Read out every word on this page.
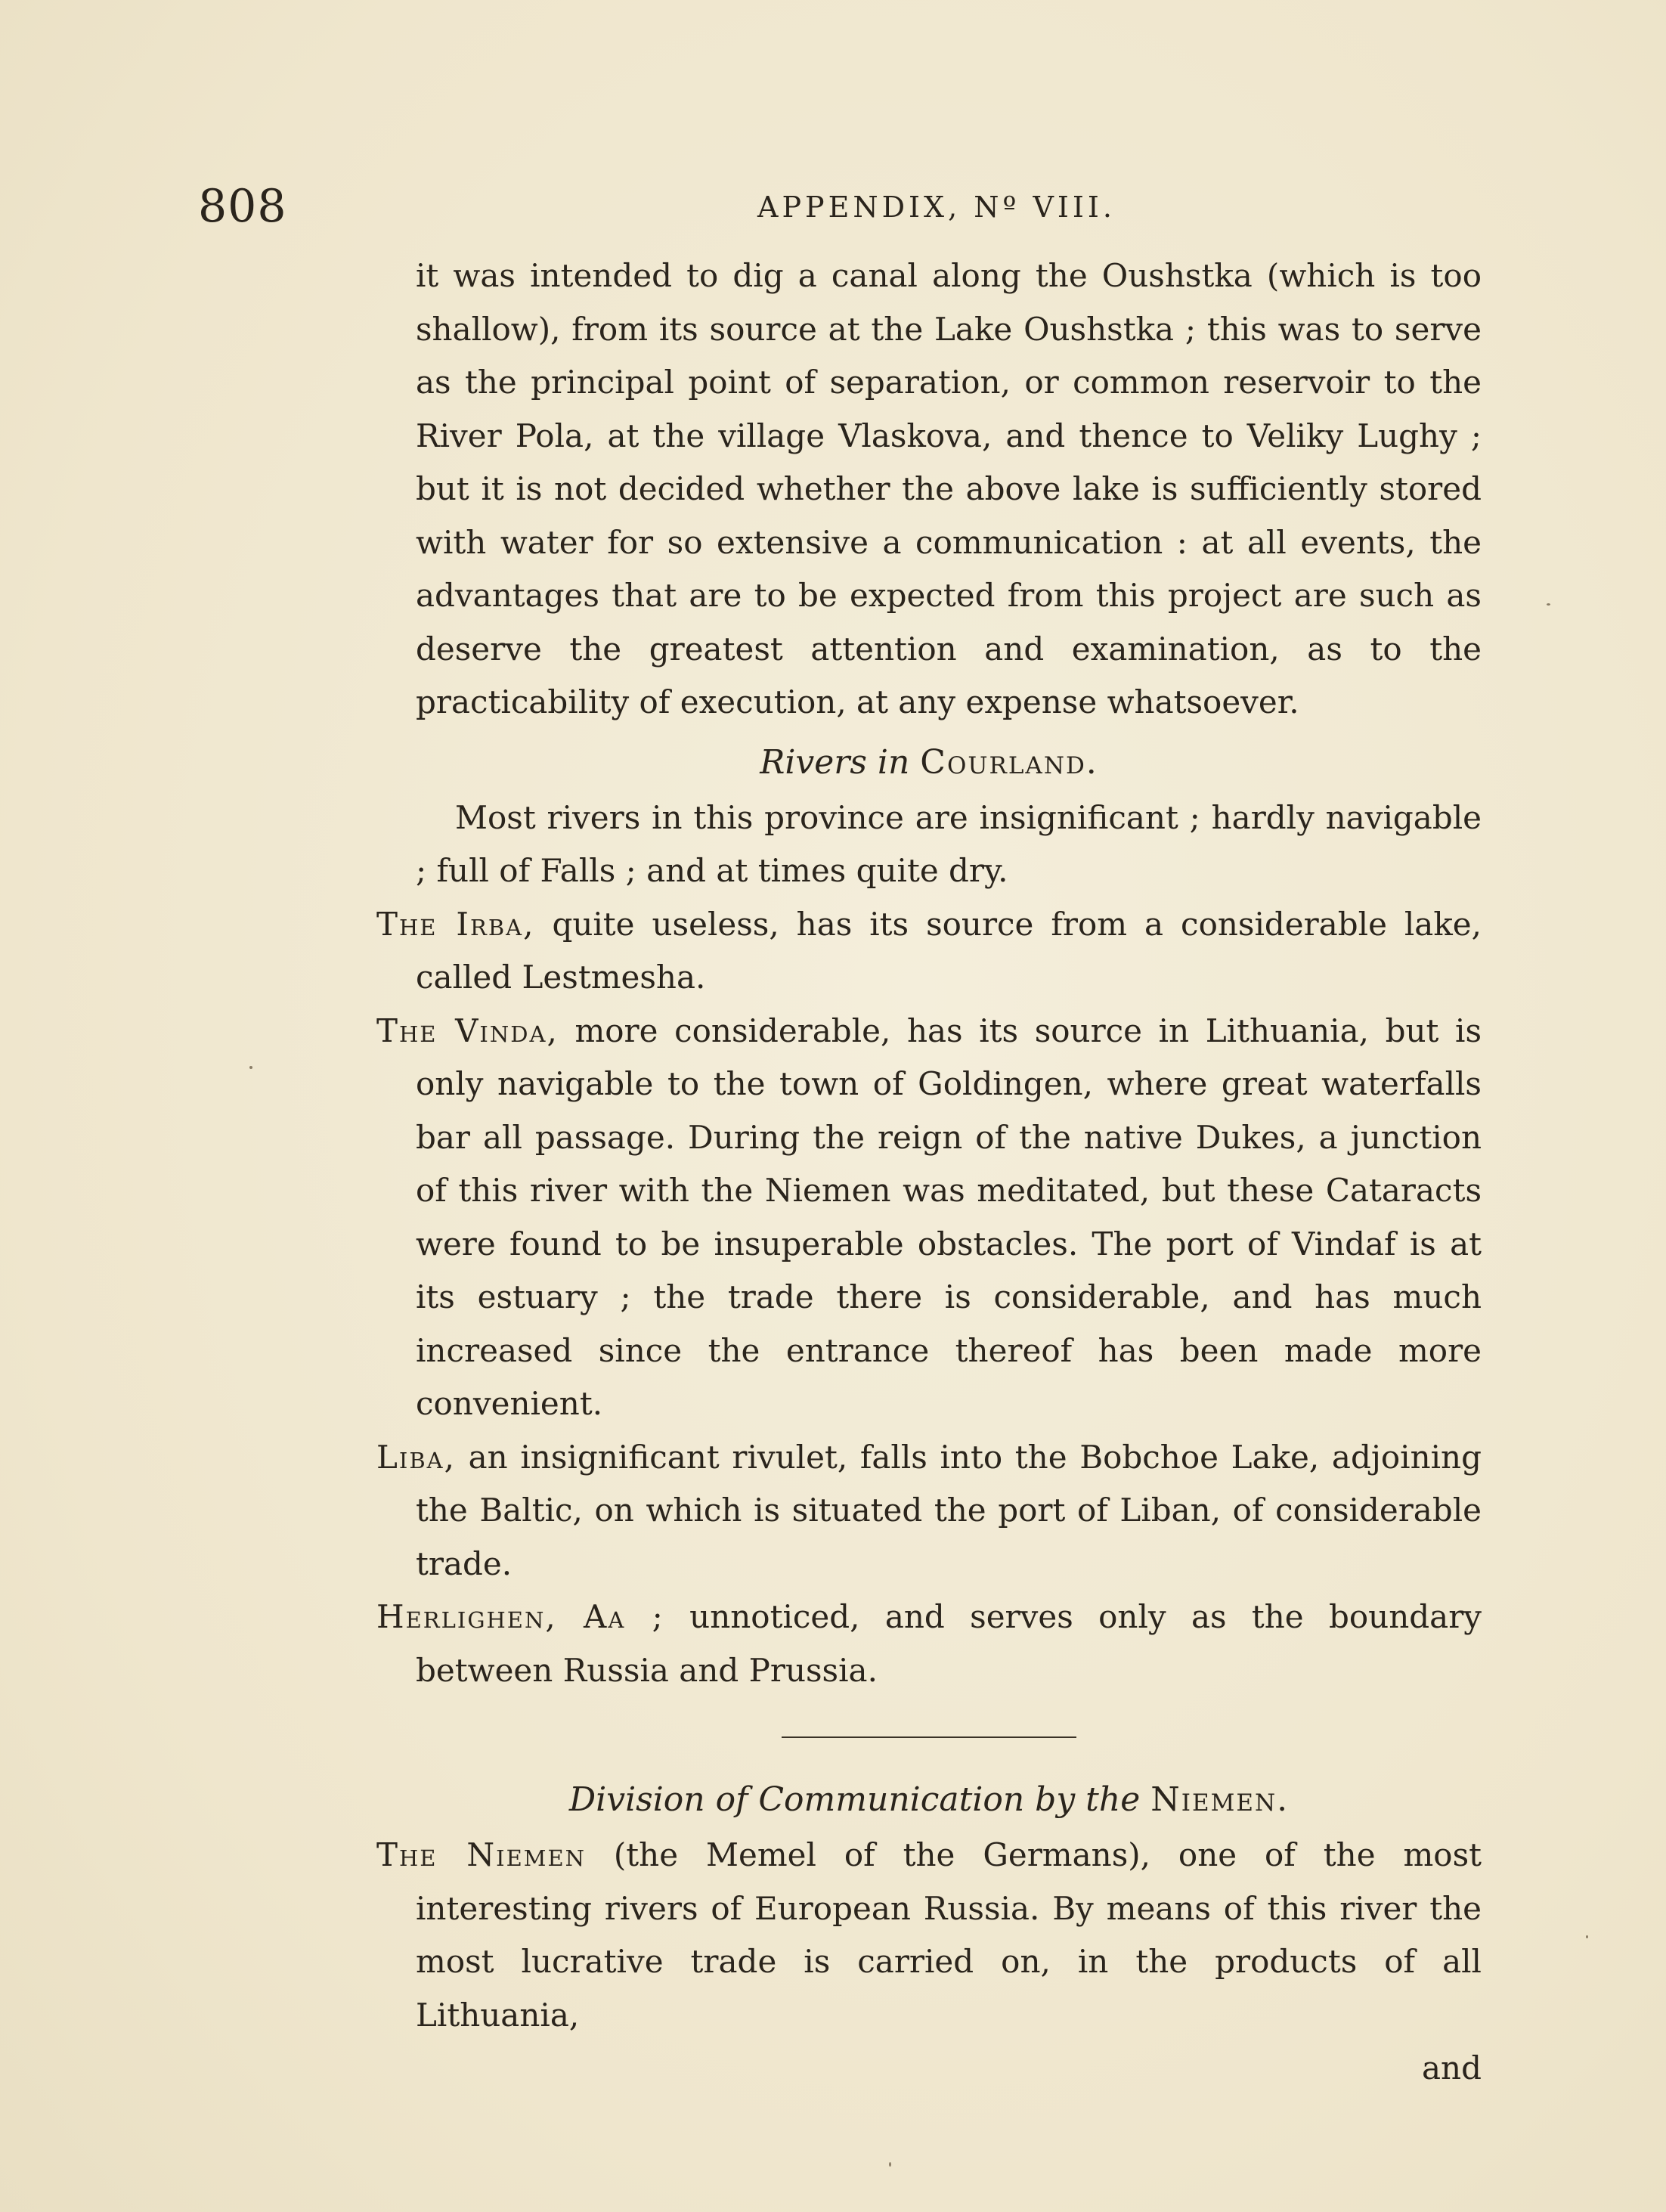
808	APPENDIX, Nº VIII.

it was intended to dig a canal along the Oushstka (which is too shallow), from its source at the Lake Oushstka ; this was to serve as the principal point of separation, or common reservoir to the River Pola, at the village Vlaskova, and thence to Veliky Lughy ; but it is not decided whether the above lake is sufficiently stored with water for so extensive a communication : at all events, the advantages that are to be expected from this project are such as deserve the greatest attention and examination, as to the practicability of execution, at any expense whatsoever.

Rivers in Courland.

Most rivers in this province are insignificant ; hardly navigable ; full of Falls ; and at times quite dry.

The Irba, quite useless, has its source from a considerable lake, called Lestmesha.

The Vinda, more considerable, has its source in Lithuania, but is only navigable to the town of Goldingen, where great waterfalls bar all passage. During the reign of the native Dukes, a junction of this river with the Niemen was meditated, but these Cataracts were found to be insuperable obstacles. The port of Vindaf is at its estuary ; the trade there is considerable, and has much increased since the entrance thereof has been made more convenient.

Liba, an insignificant rivulet, falls into the Bobchoe Lake, adjoining the Baltic, on which is situated the port of Liban, of considerable trade.

Herlighen, Aa ; unnoticed, and serves only as the boundary between Russia and Prussia.

Division of Communication by the Niemen.

The Niemen (the Memel of the Germans), one of the most interesting rivers of European Russia. By means of this river the most lucrative trade is carried on, in the products of all Lithuania,

and
